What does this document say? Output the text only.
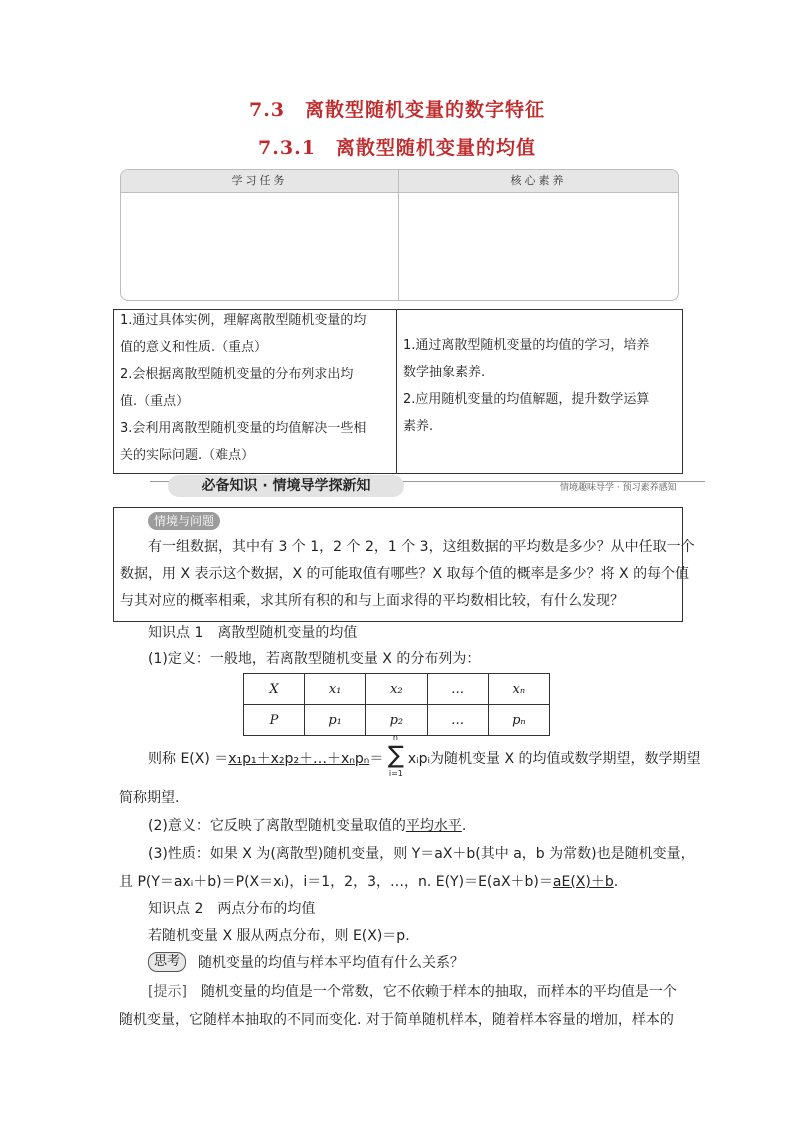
7.3　离散型随机变量的数字特征
7.3.1　离散型随机变量的均值
学习任务	核心素养
1.通过具体实例，理解离散型随机变量的均
值的意义和性质.（重点）
2.会根据离散型随机变量的分布列求出均
值.（重点）
3.会利用离散型随机变量的均值解决一些相
关的实际问题.（难点）
1.通过离散型随机变量的均值的学习，培养
数学抽象素养.
2.应用随机变量的均值解题，提升数学运算
素养.
必备知识 · 情境导学探新知	情境趣味导学 · 预习素养感知
情境与问题
有一组数据，其中有 3 个 1，2 个 2，1 个 3，这组数据的平均数是多少？从中任取一个
数据，用 X 表示这个数据，X 的可能取值有哪些？X 取每个值的概率是多少？将 X 的每个值
与其对应的概率相乘，求其所有积的和与上面求得的平均数相比较，有什么发现？
知识点 1　离散型随机变量的均值
(1)定义：一般地，若离散型随机变量 X 的分布列为：
X	x₁	x₂	…	xₙ
P	p₁	p₂	…	pₙ
则称 E(X) ＝x₁p₁＋x₂p₂＋…＋xₙpₙ＝
n
∑
i=1
xᵢpᵢ为随机变量 X 的均值或数学期望，数学期望
简称期望.
(2)意义：它反映了离散型随机变量取值的平均水平.
(3)性质：如果 X 为(离散型)随机变量，则 Y＝aX＋b(其中 a，b 为常数)也是随机变量，
且 P(Y＝axᵢ＋b)＝P(X＝xᵢ)，i＝1，2，3，…，n. E(Y)＝E(aX＋b)＝aE(X)＋b.
知识点 2　两点分布的均值
若随机变量 X 服从两点分布，则 E(X)＝p.
思考	随机变量的均值与样本平均值有什么关系？
[提示]　 随机变量的均值是一个常数，它不依赖于样本的抽取，而样本的平均值是一个
随机变量，它随样本抽取的不同而变化. 对于简单随机样本，随着样本容量的增加，样本的
